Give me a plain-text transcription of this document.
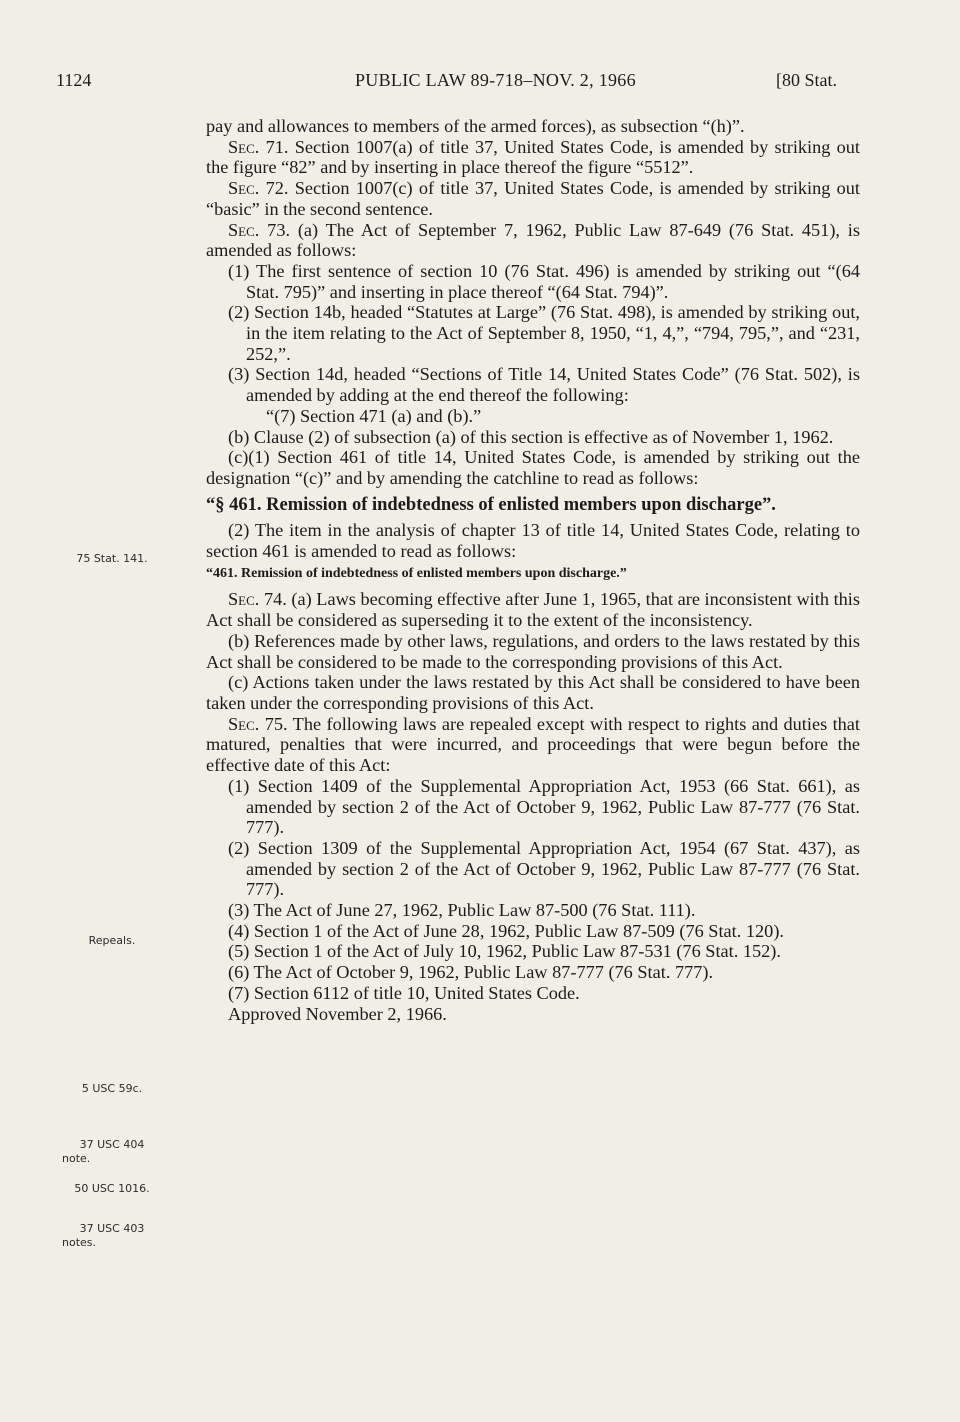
1124	PUBLIC LAW 89-718–NOV. 2, 1966	[80 Stat.

pay and allowances to members of the armed forces), as subsection “(h)”.

Sec. 71. Section 1007(a) of title 37, United States Code, is amended by striking out the figure “82” and by inserting in place thereof the figure “5512”.

Sec. 72. Section 1007(c) of title 37, United States Code, is amended by striking out “basic” in the second sentence.

Sec. 73. (a) The Act of September 7, 1962, Public Law 87-649 (76 Stat. 451), is amended as follows:

(1) The first sentence of section 10 (76 Stat. 496) is amended by striking out “(64 Stat. 795)” and inserting in place thereof “(64 Stat. 794)”.

(2) Section 14b, headed “Statutes at Large” (76 Stat. 498), is amended by striking out, in the item relating to the Act of September 8, 1950, “1, 4,”, “794, 795,”, and “231, 252,”.

(3) Section 14d, headed “Sections of Title 14, United States Code” (76 Stat. 502), is amended by adding at the end thereof the following:

“(7) Section 471 (a) and (b).”

(b) Clause (2) of subsection (a) of this section is effective as of November 1, 1962.

(c)(1) Section 461 of title 14, United States Code, is amended by striking out the designation “(c)” and by amending the catchline to read as follows:

“§ 461. Remission of indebtedness of enlisted members upon discharge”.

(2) The item in the analysis of chapter 13 of title 14, United States Code, relating to section 461 is amended to read as follows:

“461. Remission of indebtedness of enlisted members upon discharge.”

Sec. 74. (a) Laws becoming effective after June 1, 1965, that are inconsistent with this Act shall be considered as superseding it to the extent of the inconsistency.

(b) References made by other laws, regulations, and orders to the laws restated by this Act shall be considered to be made to the corresponding provisions of this Act.

(c) Actions taken under the laws restated by this Act shall be considered to have been taken under the corresponding provisions of this Act.

Sec. 75. The following laws are repealed except with respect to rights and duties that matured, penalties that were incurred, and proceedings that were begun before the effective date of this Act:

(1) Section 1409 of the Supplemental Appropriation Act, 1953 (66 Stat. 661), as amended by section 2 of the Act of October 9, 1962, Public Law 87-777 (76 Stat. 777).

(2) Section 1309 of the Supplemental Appropriation Act, 1954 (67 Stat. 437), as amended by section 2 of the Act of October 9, 1962, Public Law 87-777 (76 Stat. 777).

(3) The Act of June 27, 1962, Public Law 87-500 (76 Stat. 111).

(4) Section 1 of the Act of June 28, 1962, Public Law 87-509 (76 Stat. 120).

(5) Section 1 of the Act of July 10, 1962, Public Law 87-531 (76 Stat. 152).

(6) The Act of October 9, 1962, Public Law 87-777 (76 Stat. 777).

(7) Section 6112 of title 10, United States Code.

Approved November 2, 1966.

75 Stat. 141.
Repeals.
5 USC 59c.
37 USC 404
note.
50 USC 1016.
37 USC 403
notes.
